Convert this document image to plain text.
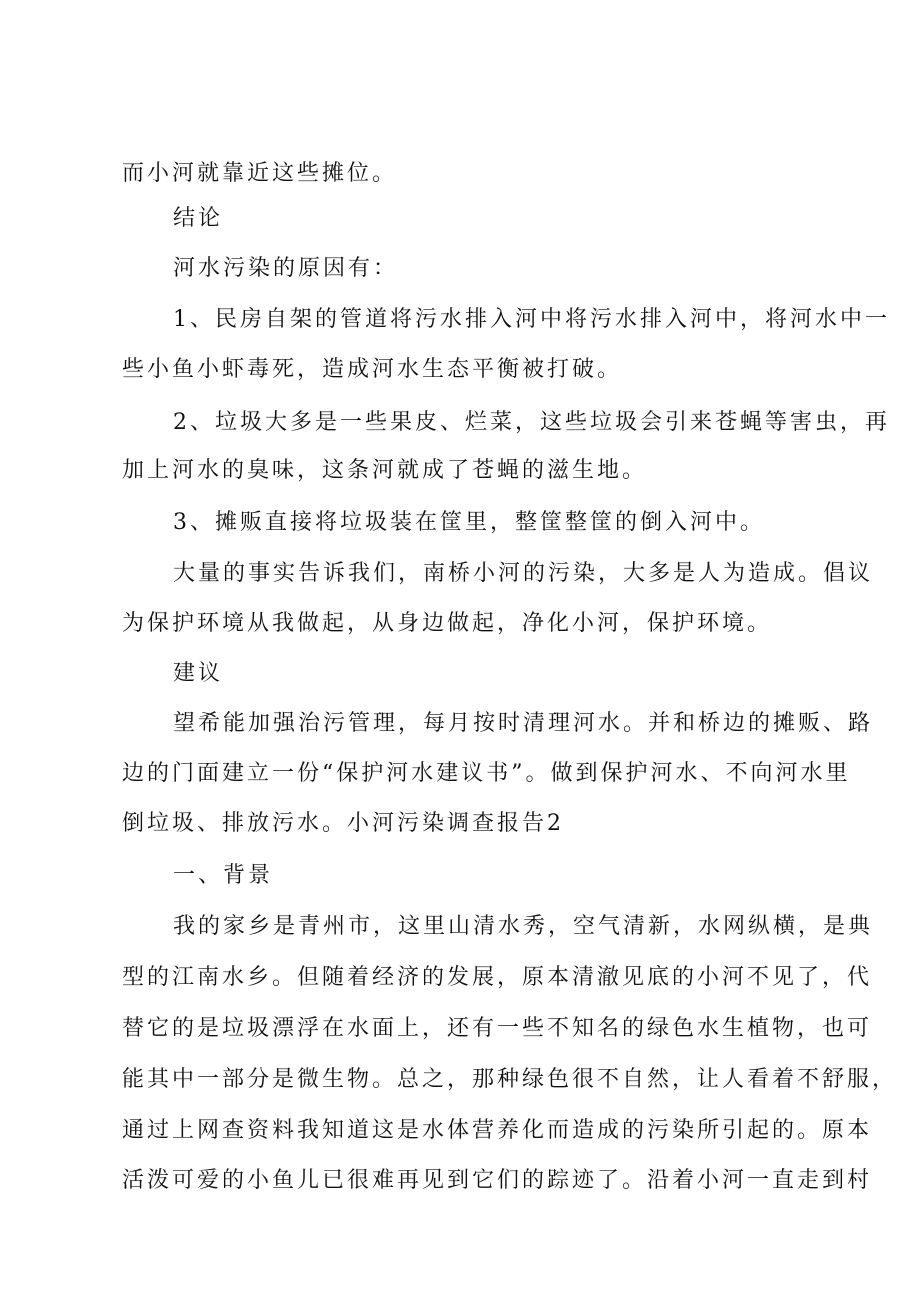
而小河就靠近这些摊位。
结论
河水污染的原因有：
1、民房自架的管道将污水排入河中将污水排入河中，将河水中一
些小鱼小虾毒死，造成河水生态平衡被打破。
2、垃圾大多是一些果皮、烂菜，这些垃圾会引来苍蝇等害虫，再
加上河水的臭味，这条河就成了苍蝇的滋生地。
3、摊贩直接将垃圾装在筐里，整筐整筐的倒入河中。
大量的事实告诉我们，南桥小河的污染，大多是人为造成。倡议
为保护环境从我做起，从身边做起，净化小河，保护环境。
建议
望希能加强治污管理，每月按时清理河水。并和桥边的摊贩、路
边的门面建立一份“保护河水建议书”。做到保护河水、不向河水里
倒垃圾、排放污水。小河污染调查报告2
一、背景
我的家乡是青州市，这里山清水秀，空气清新，水网纵横，是典
型的江南水乡。但随着经济的发展，原本清澈见底的小河不见了，代
替它的是垃圾漂浮在水面上，还有一些不知名的绿色水生植物，也可
能其中一部分是微生物。总之，那种绿色很不自然，让人看着不舒服，
通过上网查资料我知道这是水体营养化而造成的污染所引起的。原本
活泼可爱的小鱼儿已很难再见到它们的踪迹了。沿着小河一直走到村
